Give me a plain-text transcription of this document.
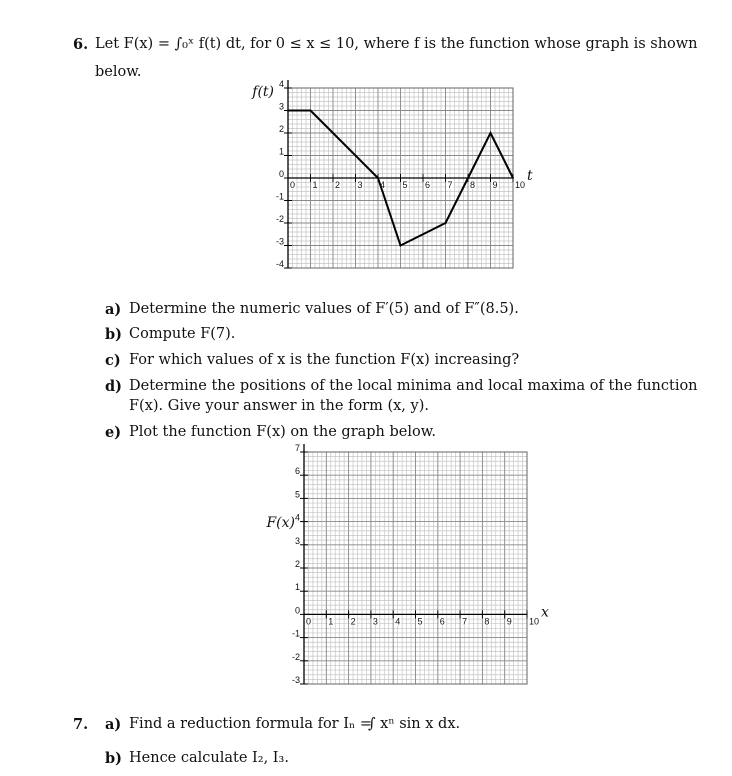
6. Let F(x) = ∫₀ˣ f(t) dt, for 0 ≤ x ≤ 10, where f is the function whose graph is shown
below.
0 1 2 3 4 5 6 7 8 9 10
-4
-3
-2
-1
0
1
2
3
4
f(t)
t
a) Determine the numeric values of F′(5) and of F″(8.5).
b) Compute F(7).
c) For which values of x is the function F(x) increasing?
d) Determine the positions of the local minima and local maxima of the function
F(x). Give your answer in the form (x, y).
e) Plot the function F(x) on the graph below.
0 1 2 3 4 5 6 7 8 9 10
-3
-2
-1
0
1
2
3
4
5
6
7
F(x)
x
7. a) Find a reduction formula for Iₙ =
∫ xⁿ sin x dx.
b) Hence calculate I₂, I₃.
